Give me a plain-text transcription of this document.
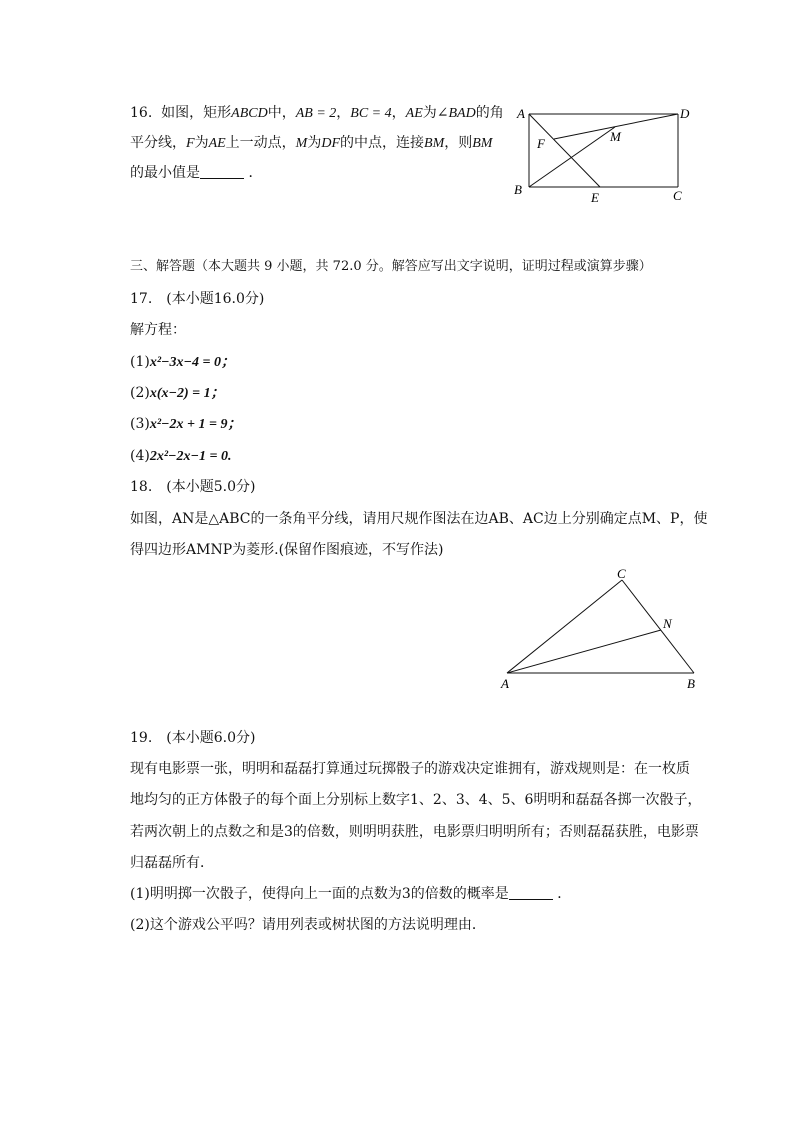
16. 如图，矩形ABCD中，AB = 2，BC = 4，AE为∠BAD的角
平分线，F为AE上一动点，M为DF的中点，连接BM，则BM
的最小值是	．
A	D
M
F
B
E	C
三、解答题（本大题共 9 小题，共 72.0 分。解答应写出文字说明，证明过程或演算步骤）
17.　(本小题16.0分)
解方程：
(1)x²−3x−4 = 0；
(2)x(x−2) = 1；
(3)x²−2x + 1 = 9；
(4)2x²−2x−1 = 0.
18.　(本小题5.0分)
如图，AN是△ABC的一条角平分线，请用尺规作图法在边AB、AC边上分别确定点M、P，使
得四边形AMNP为菱形.(保留作图痕迹，不写作法)
C
N
A	B
19.　(本小题6.0分)
现有电影票一张，明明和磊磊打算通过玩掷骰子的游戏决定谁拥有，游戏规则是：在一枚质
地均匀的正方体骰子的每个面上分别标上数字1、2、3、4、5、6明明和磊磊各掷一次骰子，
若两次朝上的点数之和是3的倍数，则明明获胜，电影票归明明所有；否则磊磊获胜，电影票
归磊磊所有．
(1)明明掷一次骰子，使得向上一面的点数为3的倍数的概率是	．
(2)这个游戏公平吗？请用列表或树状图的方法说明理由．
